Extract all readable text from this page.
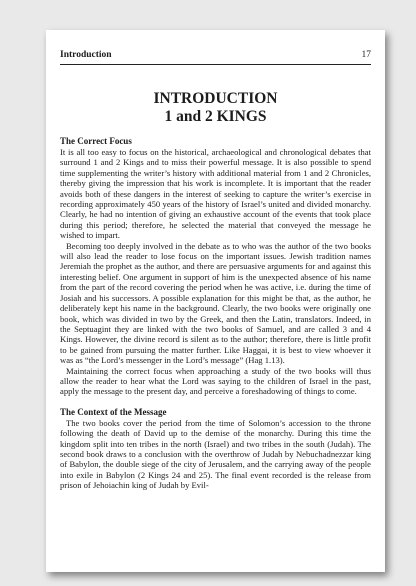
Introduction	17
INTRODUCTION
1 and 2 KINGS
The Correct Focus

It is all too easy to focus on the historical, archaeological and chronological debates that surround 1 and 2 Kings and to miss their powerful message. It is also possible to spend time supplementing the writer’s history with additional material from 1 and 2 Chronicles, thereby giving the impression that his work is incomplete. It is important that the reader avoids both of these dangers in the interest of seeking to capture the writer’s exercise in recording approximately 450 years of the history of Israel’s united and divided monarchy. Clearly, he had no intention of giving an exhaustive account of the events that took place during this period; therefore, he selected the material that conveyed the message he wished to impart.

Becoming too deeply involved in the debate as to who was the author of the two books will also lead the reader to lose focus on the important issues. Jewish tradition names Jeremiah the prophet as the author, and there are persuasive arguments for and against this interesting belief. One argument in support of him is the unexpected absence of his name from the part of the record covering the period when he was active, i.e. during the time of Josiah and his successors. A possible explanation for this might be that, as the author, he deliberately kept his name in the background. Clearly, the two books were originally one book, which was divided in two by the Greek, and then the Latin, translators. Indeed, in the Septuagint they are linked with the two books of Samuel, and are called 3 and 4 Kings. However, the divine record is silent as to the author; therefore, there is little profit to be gained from pursuing the matter further. Like Haggai, it is best to view whoever it was as “the Lord’s messenger in the Lord’s message” (Hag 1.13).

Maintaining the correct focus when approaching a study of the two books will thus allow the reader to hear what the Lord was saying to the children of Israel in the past, apply the message to the present day, and perceive a foreshadowing of things to come.

The Context of the Message

The two books cover the period from the time of Solomon’s accession to the throne following the death of David up to the demise of the monarchy. During this time the kingdom split into ten tribes in the north (Israel) and two tribes in the south (Judah). The second book draws to a conclusion with the overthrow of Judah by Nebuchadnezzar king of Babylon, the double siege of the city of Jerusalem, and the carrying away of the people into exile in Babylon (2 Kings 24 and 25). The final event recorded is the release from prison of Jehoiachin king of Judah by Evil-
